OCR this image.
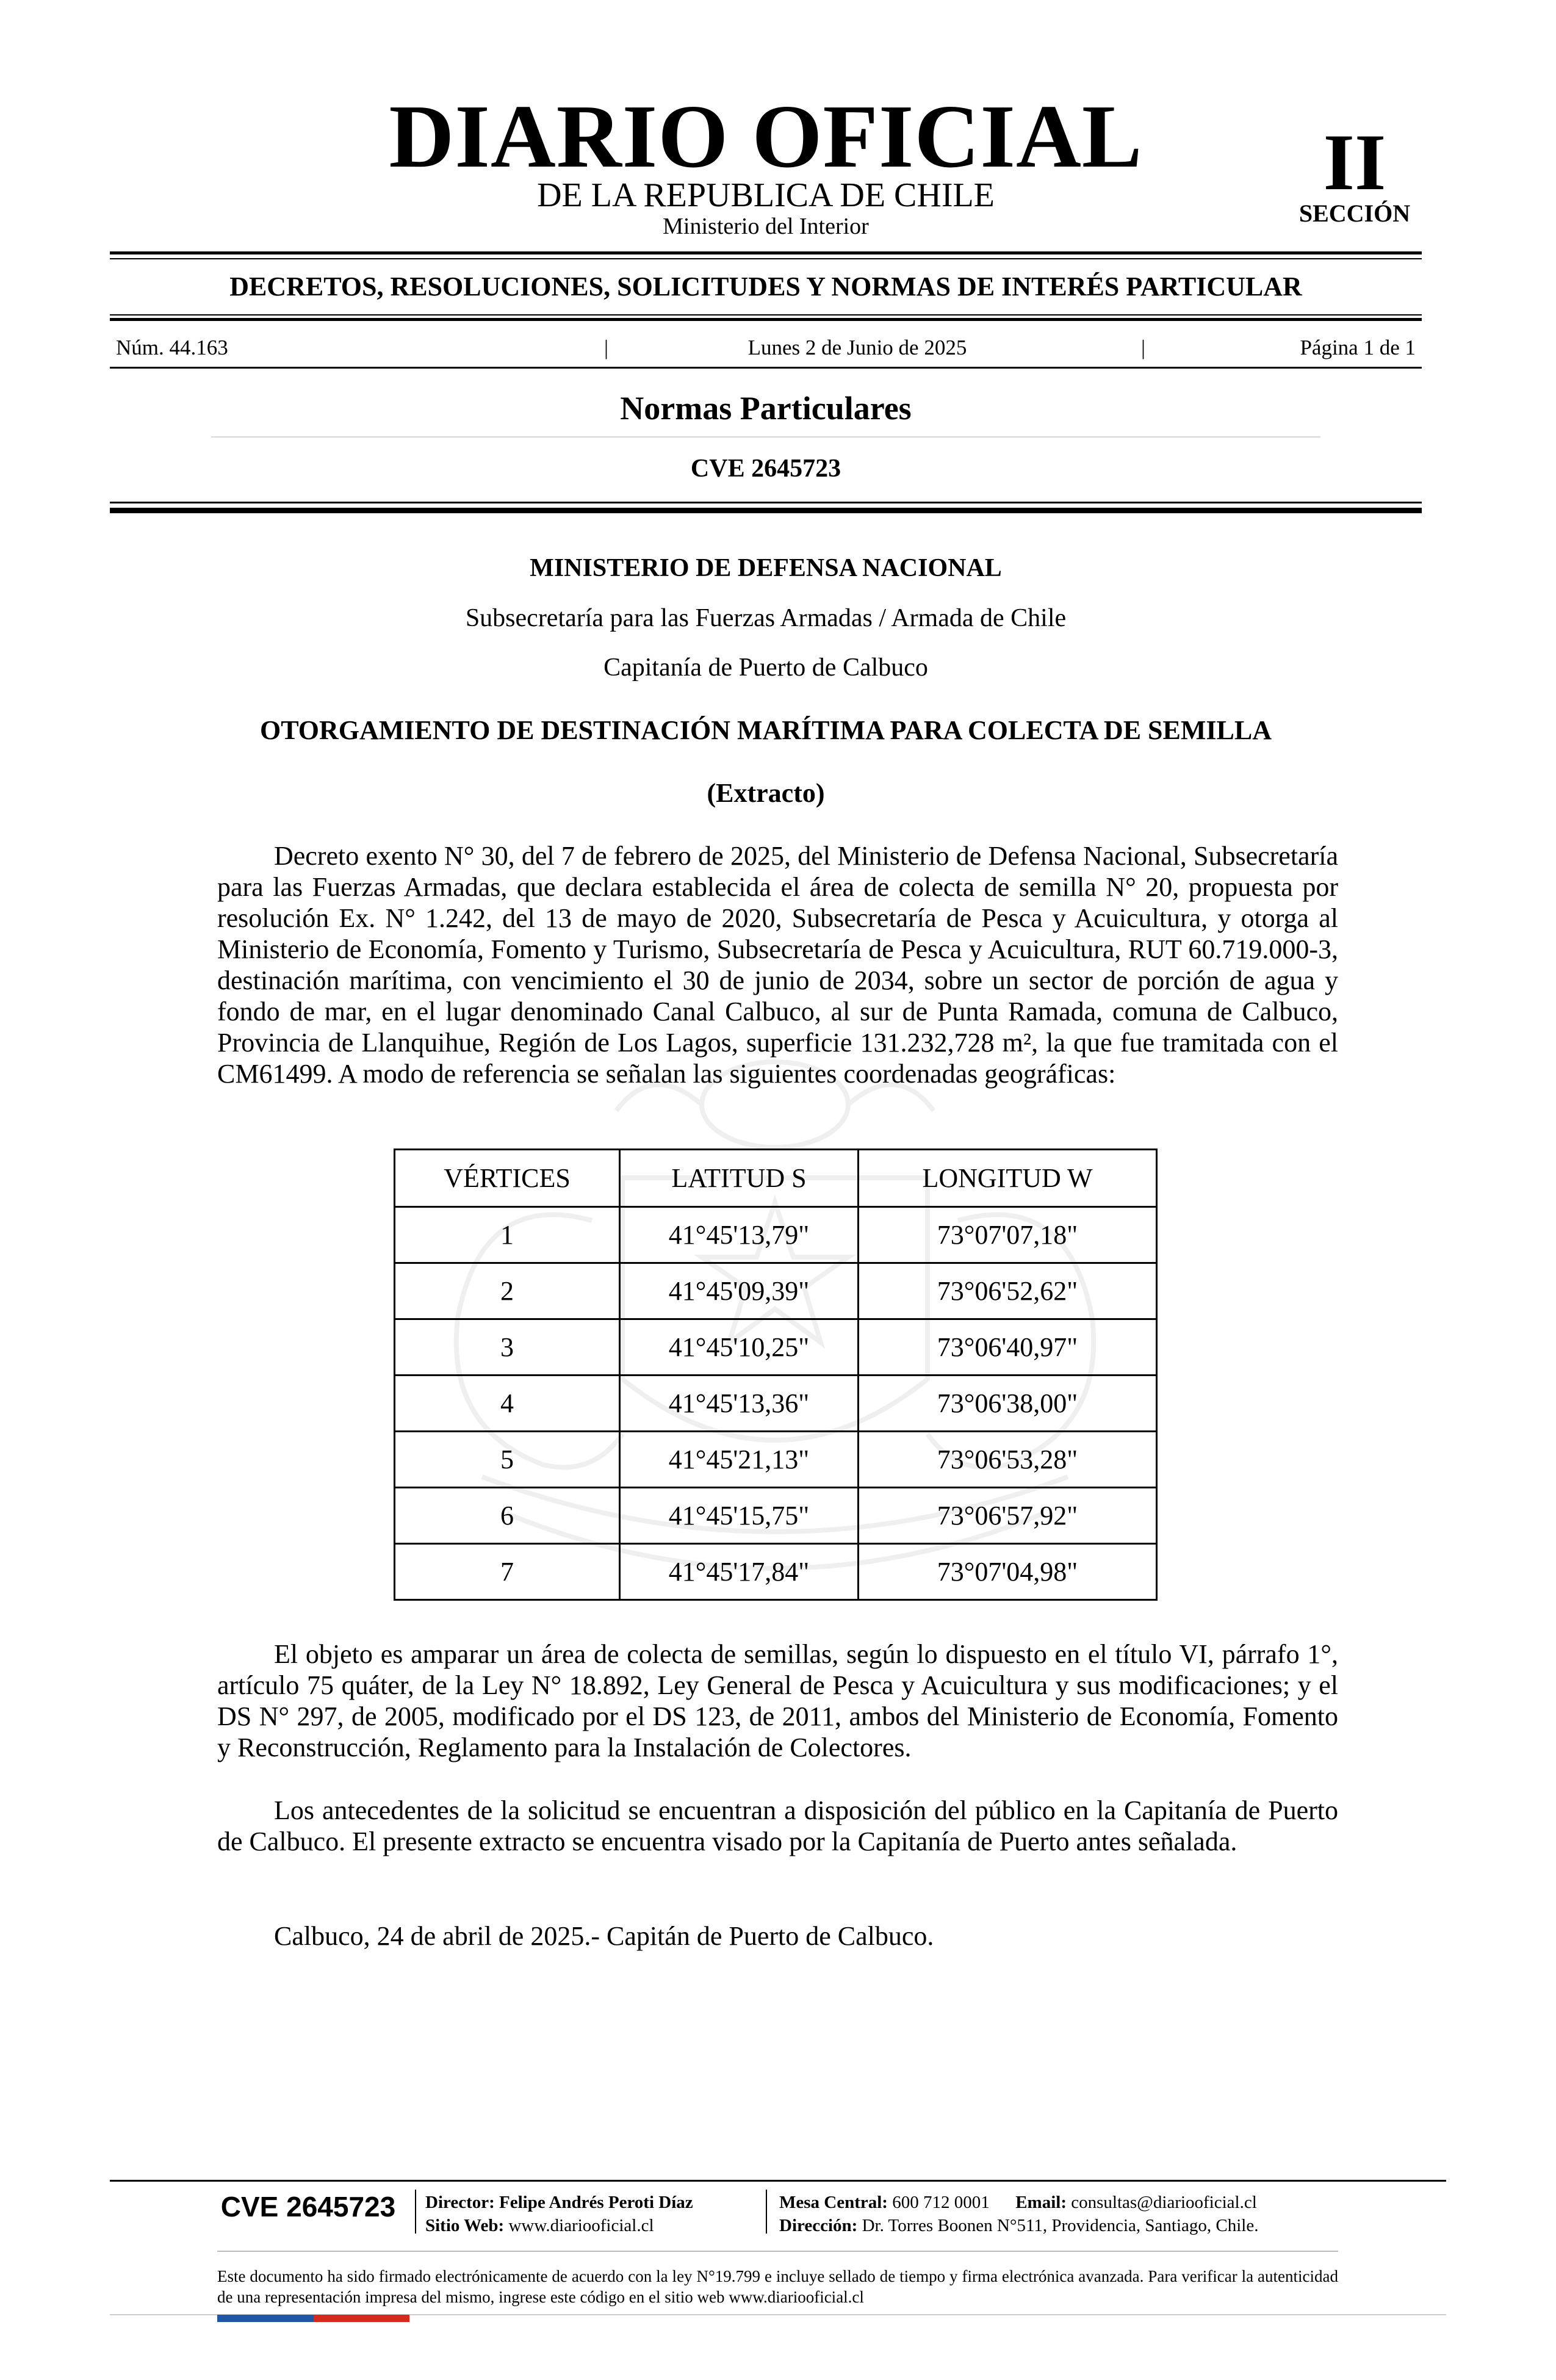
DIARIO OFICIAL
DE LA REPUBLICA DE CHILE
Ministerio del Interior
II
SECCIÓN
DECRETOS, RESOLUCIONES, SOLICITUDES Y NORMAS DE INTERÉS PARTICULAR
Núm. 44.163	|	Lunes 2 de Junio de 2025	|	Página 1 de 1
Normas Particulares
CVE 2645723
MINISTERIO DE DEFENSA NACIONAL
Subsecretaría para las Fuerzas Armadas / Armada de Chile
Capitanía de Puerto de Calbuco
OTORGAMIENTO DE DESTINACIÓN MARÍTIMA PARA COLECTA DE SEMILLA
(Extracto)

Decreto exento N° 30, del 7 de febrero de 2025, del Ministerio de Defensa Nacional, Subsecretaría para las Fuerzas Armadas, que declara establecida el área de colecta de semilla N° 20, propuesta por resolución Ex. N° 1.242, del 13 de mayo de 2020, Subsecretaría de Pesca y Acuicultura, y otorga al Ministerio de Economía, Fomento y Turismo, Subsecretaría de Pesca y Acuicultura, RUT 60.719.000-3, destinación marítima, con vencimiento el 30 de junio de 2034, sobre un sector de porción de agua y fondo de mar, en el lugar denominado Canal Calbuco, al sur de Punta Ramada, comuna de Calbuco, Provincia de Llanquihue, Región de Los Lagos, superficie 131.232,728 m², la que fue tramitada con el CM61499. A modo de referencia se señalan las siguientes coordenadas geográficas:

VÉRTICES	LATITUD S	LONGITUD W
1	41°45'13,79"	73°07'07,18"
2	41°45'09,39"	73°06'52,62"
3	41°45'10,25"	73°06'40,97"
4	41°45'13,36"	73°06'38,00"
5	41°45'21,13"	73°06'53,28"
6	41°45'15,75"	73°06'57,92"
7	41°45'17,84"	73°07'04,98"

El objeto es amparar un área de colecta de semillas, según lo dispuesto en el título VI, párrafo 1°, artículo 75 quáter, de la Ley N° 18.892, Ley General de Pesca y Acuicultura y sus modificaciones; y el DS N° 297, de 2005, modificado por el DS 123, de 2011, ambos del Ministerio de Economía, Fomento y Reconstrucción, Reglamento para la Instalación de Colectores.

Los antecedentes de la solicitud se encuentran a disposición del público en la Capitanía de Puerto de Calbuco. El presente extracto se encuentra visado por la Capitanía de Puerto antes señalada.

Calbuco, 24 de abril de 2025.- Capitán de Puerto de Calbuco.

CVE 2645723	Director: Felipe Andrés Peroti Díaz
Sitio Web: www.diariooficial.cl
Mesa Central: 600 712 0001 Email: consultas@diariooficial.cl
Dirección: Dr. Torres Boonen N°511, Providencia, Santiago, Chile.
Este documento ha sido firmado electrónicamente de acuerdo con la ley N°19.799 e incluye sellado de tiempo y firma electrónica avanzada. Para verificar la autenticidad de una representación impresa del mismo, ingrese este código en el sitio web www.diariooficial.cl
